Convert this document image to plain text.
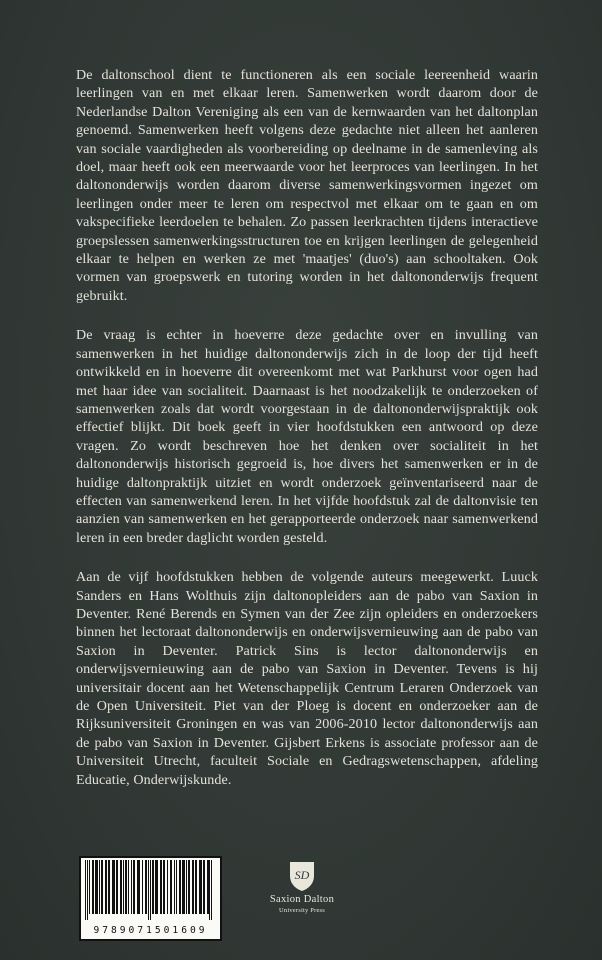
De daltonschool dient te functioneren als een sociale leereenheid waarin leerlingen van en met elkaar leren. Samenwerken wordt daarom door de Nederlandse Dalton Vereniging als een van de kernwaarden van het daltonplan genoemd. Samenwerken heeft volgens deze gedachte niet alleen het aanleren van sociale vaardigheden als voorbereiding op deelname in de samenleving als doel, maar heeft ook een meerwaarde voor het leerproces van leerlingen. In het daltononderwijs worden daarom diverse samenwerkingsvormen ingezet om leerlingen onder meer te leren om respectvol met elkaar om te gaan en om vakspecifieke leerdoelen te behalen. Zo passen leerkrachten tijdens interactieve groepslessen samenwerkingsstructuren toe en krijgen leerlingen de gelegenheid elkaar te helpen en werken ze met 'maatjes' (duo's) aan schooltaken. Ook vormen van groepswerk en tutoring worden in het daltononderwijs frequent gebruikt.

De vraag is echter in hoeverre deze gedachte over en invulling van samenwerken in het huidige daltononderwijs zich in de loop der tijd heeft ontwikkeld en in hoeverre dit overeenkomt met wat Parkhurst voor ogen had met haar idee van socialiteit. Daarnaast is het noodzakelijk te onderzoeken of samenwerken zoals dat wordt voorgestaan in de daltononderwijspraktijk ook effectief blijkt. Dit boek geeft in vier hoofdstukken een antwoord op deze vragen. Zo wordt beschreven hoe het denken over socialiteit in het daltononderwijs historisch gegroeid is, hoe divers het samenwerken er in de huidige daltonpraktijk uitziet en wordt onderzoek geïnventariseerd naar de effecten van samenwerkend leren. In het vijfde hoofdstuk zal de daltonvisie ten aanzien van samenwerken en het gerapporteerde onderzoek naar samenwerkend leren in een breder daglicht worden gesteld.

Aan de vijf hoofdstukken hebben de volgende auteurs meegewerkt. Luuck Sanders en Hans Wolthuis zijn daltonopleiders aan de pabo van Saxion in Deventer. René Berends en Symen van der Zee zijn opleiders en onderzoekers binnen het lectoraat daltononderwijs en onderwijsvernieuwing aan de pabo van Saxion in Deventer. Patrick Sins is lector daltononderwijs en onderwijsvernieuwing aan de pabo van Saxion in Deventer. Tevens is hij universitair docent aan het Wetenschappelijk Centrum Leraren Onderzoek van de Open Universiteit. Piet van der Ploeg is docent en onderzoeker aan de Rijksuniversiteit Groningen en was van 2006-2010 lector daltononderwijs aan de pabo van Saxion in Deventer. Gijsbert Erkens is associate professor aan de Universiteit Utrecht, faculteit Sociale en Gedragswetenschappen, afdeling Educatie, Onderwijskunde.

9789071501609
SD
Saxion Dalton
University Press
